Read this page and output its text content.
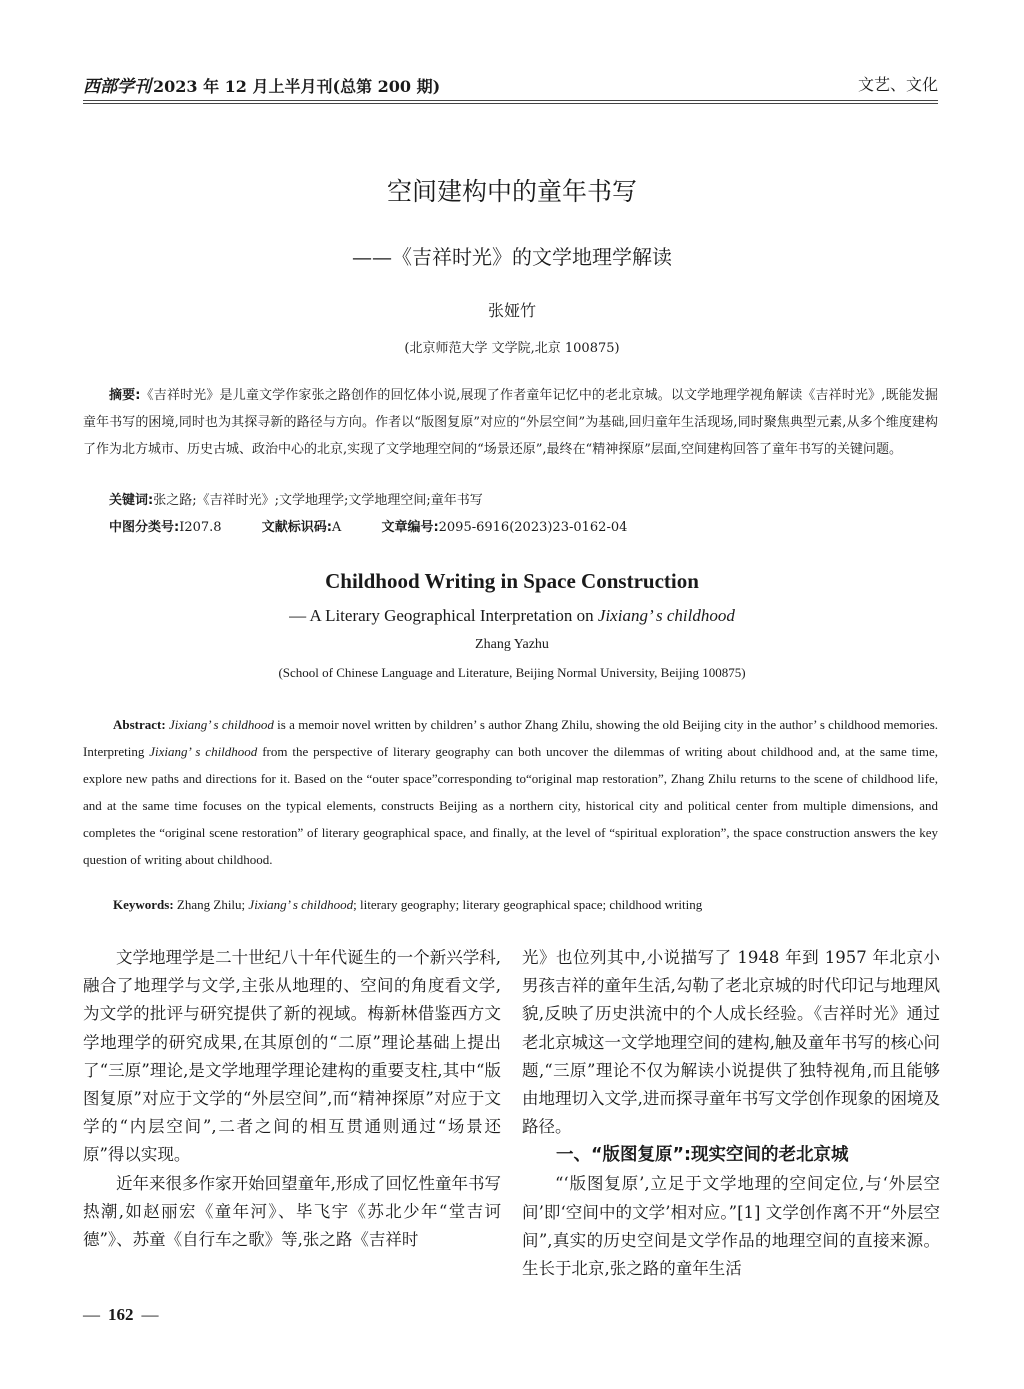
西部学刊 2023 年 12 月上半月刊(总第 200 期)	文艺、文化
空间建构中的童年书写
——《吉祥时光》的文学地理学解读
张娅竹
(北京师范大学 文学院,北京 100875)
摘要:《吉祥时光》是儿童文学作家张之路创作的回忆体小说,展现了作者童年记忆中的老北京城。以文学地理学视角解读《吉祥时光》,既能发掘童年书写的困境,同时也为其探寻新的路径与方向。作者以“版图复原”对应的“外层空间”为基础,回归童年生活现场,同时聚焦典型元素,从多个维度建构了作为北方城市、历史古城、政治中心的北京,实现了文学地理空间的“场景还原”,最终在“精神探原”层面,空间建构回答了童年书写的关键问题。
关键词:张之路;《吉祥时光》;文学地理学;文学地理空间;童年书写
中图分类号:I207.8	文献标识码:A	文章编号:2095-6916(2023)23-0162-04
Childhood Writing in Space Construction
— A Literary Geographical Interpretation on Jixiang’ s childhood
Zhang Yazhu
(School of Chinese Language and Literature, Beijing Normal University, Beijing 100875)
Abstract: Jixiang’ s childhood is a memoir novel written by children’ s author Zhang Zhilu, showing the old Beijing city in the author’ s childhood memories. Interpreting Jixiang’ s childhood from the perspective of literary geography can both uncover the dilemmas of writing about childhood and, at the same time, explore new paths and directions for it. Based on the “outer space”corresponding to“original map restoration”, Zhang Zhilu returns to the scene of childhood life, and at the same time focuses on the typical elements, constructs Beijing as a northern city, historical city and political center from multiple dimensions, and completes the “original scene restoration” of literary geographical space, and finally, at the level of “spiritual exploration”, the space construction answers the key question of writing about childhood.
Keywords: Zhang Zhilu; Jixiang’ s childhood; literary geography; literary geographical space; childhood writing

文学地理学是二十世纪八十年代诞生的一个新兴学科,融合了地理学与文学,主张从地理的、空间的角度看文学,为文学的批评与研究提供了新的视域。梅新林借鉴西方文学地理学的研究成果,在其原创的“二原”理论基础上提出了“三原”理论,是文学地理学理论建构的重要支柱,其中“版图复原”对应于文学的“外层空间”,而“精神探原”对应于文学的“内层空间”,二者之间的相互贯通则通过“场景还原”得以实现。

近年来很多作家开始回望童年,形成了回忆性童年书写热潮,如赵丽宏《童年河》、毕飞宇《苏北少年“堂吉诃德”》、苏童《自行车之歌》等,张之路《吉祥时

光》也位列其中,小说描写了 1948 年到 1957 年北京小男孩吉祥的童年生活,勾勒了老北京城的时代印记与地理风貌,反映了历史洪流中的个人成长经验。《吉祥时光》通过老北京城这一文学地理空间的建构,触及童年书写的核心问题,“三原”理论不仅为解读小说提供了独特视角,而且能够由地理切入文学,进而探寻童年书写文学创作现象的困境及路径。

一、“版图复原”:现实空间的老北京城

“‘版图复原’,立足于文学地理的空间定位,与‘外层空间’即‘空间中的文学’相对应。”[1] 文学创作离不开“外层空间”,真实的历史空间是文学作品的地理空间的直接来源。生长于北京,张之路的童年生活

— 162 —
